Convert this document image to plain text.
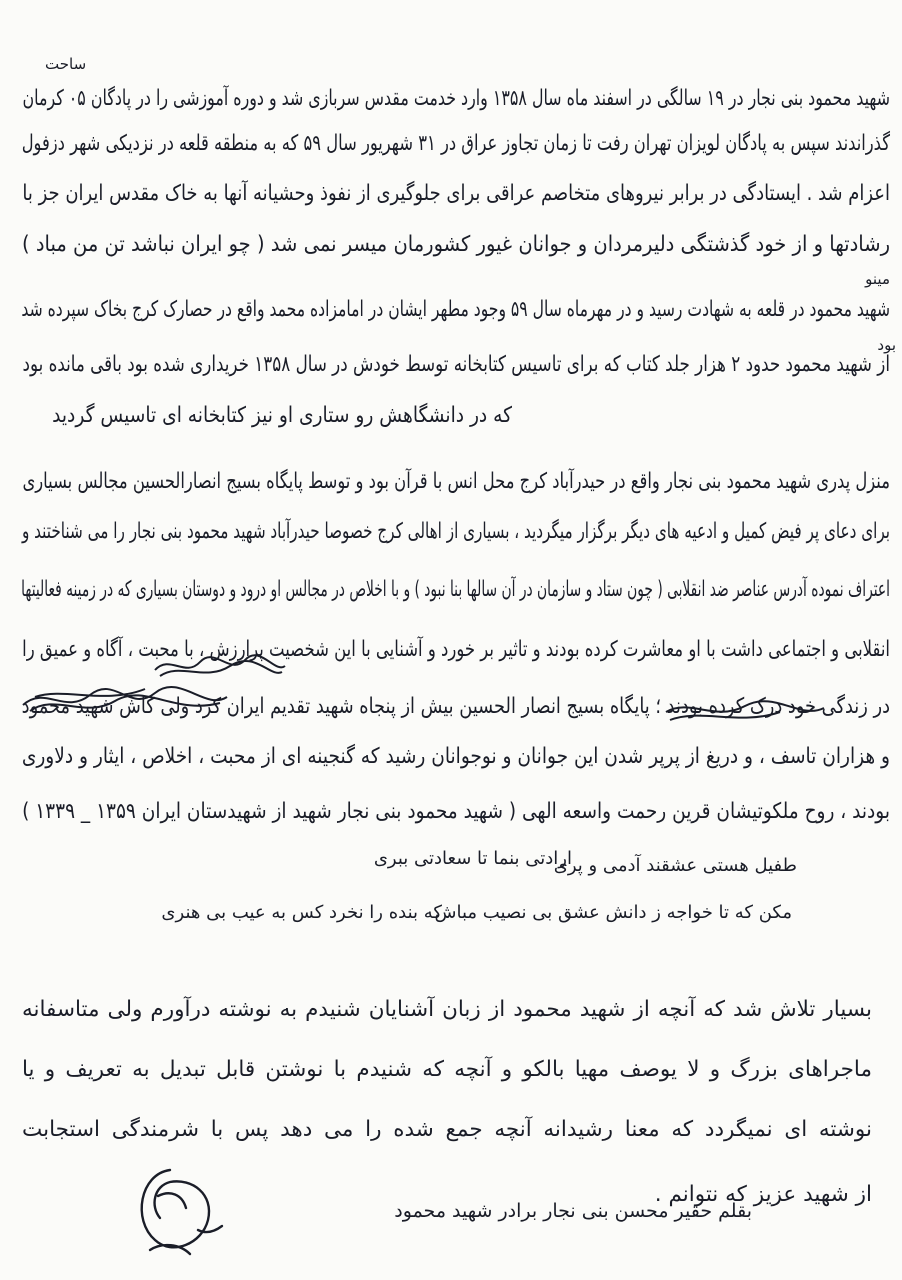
شهید محمود بنی نجار در ۱۹ سالگی در اسفند ماه سال ۱۳۵۸ وارد خدمت مقدس سربازی شد و دوره آموزشی را در پادگان ۰۵ کرمان
گذراندند سپس به پادگان لویزان تهران رفت تا زمان تجاوز عراق در ۳۱ شهریور سال ۵۹ که به منطقه قلعه در نزدیکی شهر دزفول
اعزام شد . ایستادگی در برابر نیروهای متخاصم عراقی برای جلوگیری از نفوذ وحشیانه آنها به خاک مقدس ایران جز با
رشادتها و از خود گذشتگی دلیرمردان و جوانان غیور کشورمان میسر نمی شد ( چو ایران نباشد تن من مباد )
شهید محمود در قلعه به شهادت رسید و در مهرماه سال ۵۹ وجود مطهر ایشان در امامزاده محمد واقع در حصارک کرج بخاک سپرده شد
از شهید محمود حدود ۲ هزار جلد کتاب که برای تاسیس کتابخانه توسط خودش در سال ۱۳۵۸ خریداری شده بود باقی مانده بود
که در دانشگاهش رو ستاری او نیز کتابخانه ای تاسیس گردید
منزل پدری شهید محمود بنی نجار واقع در حیدرآباد کرج محل انس با قرآن بود و توسط پایگاه بسیج انصارالحسین مجالس بسیاری
برای دعای پر فیض کمیل و ادعیه های دیگر برگزار میگردید ، بسیاری از اهالی کرج خصوصا حیدرآباد شهید محمود بنی نجار را می شناختند و
اعتراف نموده آدرس عناصر ضد انقلابی ( چون ستاد و سازمان در آن سالها بنا نبود ) و با اخلاص در مجالس او درود و دوستان بسیاری که در زمینه فعالیتها
انقلابی و اجتماعی داشت با او معاشرت کرده بودند و تاثیر بر خورد و آشنایی با این شخصیت پرارزش ، با محبت ، آگاه و عمیق را
در زندگی خود درک کرده بودند ؛ پایگاه بسیج انصار الحسین بیش از پنجاه شهید تقدیم ایران کرد ولی کاش شهید محمود
و هزاران تاسف ، و دریغ از پرپر شدن این جوانان و نوجوانان رشید که گنجینه ای از محبت ، اخلاص ، ایثار و دلاوری
بودند ، روح ملکوتیشان قرین رحمت واسعه الهی ( شهید محمود بنی نجار شهید از شهیدستان ایران ۱۳۵۹ _ ۱۳۳۹ )
ساحت
مینو
بود
طفیل هستی عشقند آدمی و پری
ارادتی بنما تا سعادتی ببری
مکن که تا خواجه ز دانش عشق بی نصیب مباش
که بنده را نخرد کس به عیب بی هنری
بسیار تلاش شد که آنچه از شهید محمود از زبان آشنایان شنیدم به نوشته درآورم ولی متاسفانه
ماجراهای بزرگ و لا یوصف مهیا بالکو و آنچه که شنیدم با نوشتن قابل تبدیل به تعریف و یا
نوشته ای نمیگردد که معنا رشیدانه آنچه جمع شده را می دهد پس با شرمندگی استجابت
از شهید عزیز که نتوانم .
بقلم حقیر محسن بنی نجار برادر شهید محمود
